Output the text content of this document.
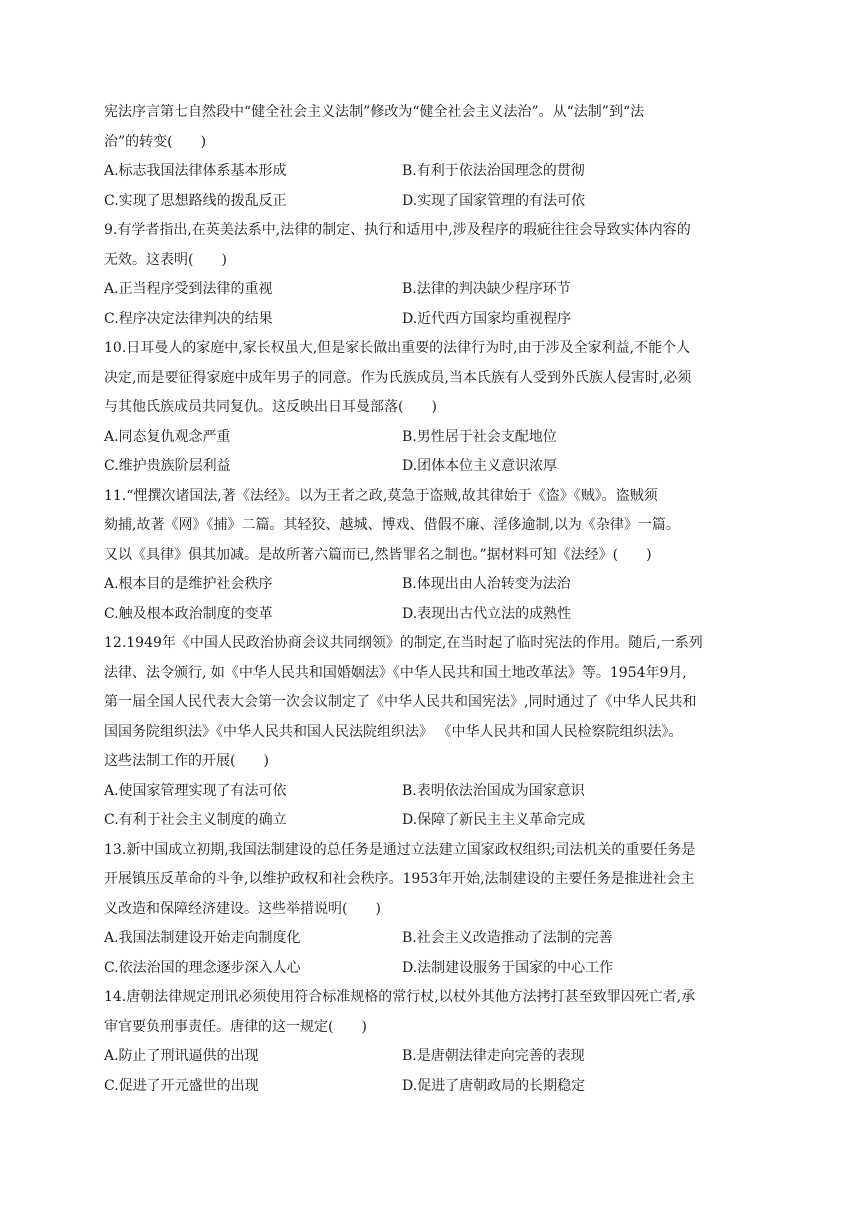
宪法序言第七自然段中“健全社会主义法制”修改为“健全社会主义法治”。从“法制”到“法
治”的转变(　　)
A.标志我国法律体系基本形成	B.有利于依法治国理念的贯彻
C.实现了思想路线的拨乱反正	D.实现了国家管理的有法可依
9.有学者指出,在英美法系中,法律的制定、执行和适用中,涉及程序的瑕疵往往会导致实体内容的
无效。这表明(　　)
A.正当程序受到法律的重视	B.法律的判决缺少程序环节
C.程序决定法律判决的结果	D.近代西方国家均重视程序
10.日耳曼人的家庭中,家长权虽大,但是家长做出重要的法律行为时,由于涉及全家利益,不能个人
决定,而是要征得家庭中成年男子的同意。作为氏族成员,当本氏族有人受到外氏族人侵害时,必须
与其他氏族成员共同复仇。这反映出日耳曼部落(　　)
A.同态复仇观念严重	B.男性居于社会支配地位
C.维护贵族阶层利益	D.团体本位主义意识浓厚
11.“悝撰次诸国法,著《法经》。以为王者之政,莫急于盗贼,故其律始于《盗》《贼》。盗贼须
劾捕,故著《网》《捕》二篇。其轻狡、越城、博戏、借假不廉、淫侈逾制,以为《杂律》一篇。
又以《具律》俱其加减。是故所著六篇而已,然皆罪名之制也。”据材料可知《法经》(　　)
A.根本目的是维护社会秩序	B.体现出由人治转变为法治
C.触及根本政治制度的变革	D.表现出古代立法的成熟性
12.1949年《中国人民政治协商会议共同纲领》的制定,在当时起了临时宪法的作用。随后,一系列
法律、法令颁行, 如《中华人民共和国婚姻法》《中华人民共和国土地改革法》等。1954年9月,
第一届全国人民代表大会第一次会议制定了《中华人民共和国宪法》,同时通过了《中华人民共和
国国务院组织法》《中华人民共和国人民法院组织法》 《中华人民共和国人民检察院组织法》。
这些法制工作的开展(　　)
A.使国家管理实现了有法可依	B.表明依法治国成为国家意识
C.有利于社会主义制度的确立	D.保障了新民主主义革命完成
13.新中国成立初期,我国法制建设的总任务是通过立法建立国家政权组织;司法机关的重要任务是
开展镇压反革命的斗争,以维护政权和社会秩序。1953年开始,法制建设的主要任务是推进社会主
义改造和保障经济建设。这些举措说明(　　)
A.我国法制建设开始走向制度化	B.社会主义改造推动了法制的完善
C.依法治国的理念逐步深入人心	D.法制建设服务于国家的中心工作
14.唐朝法律规定刑讯必须使用符合标准规格的常行杖,以杖外其他方法拷打甚至致罪囚死亡者,承
审官要负刑事责任。唐律的这一规定(　　)
A.防止了刑讯逼供的出现	B.是唐朝法律走向完善的表现
C.促进了开元盛世的出现	D.促进了唐朝政局的长期稳定
